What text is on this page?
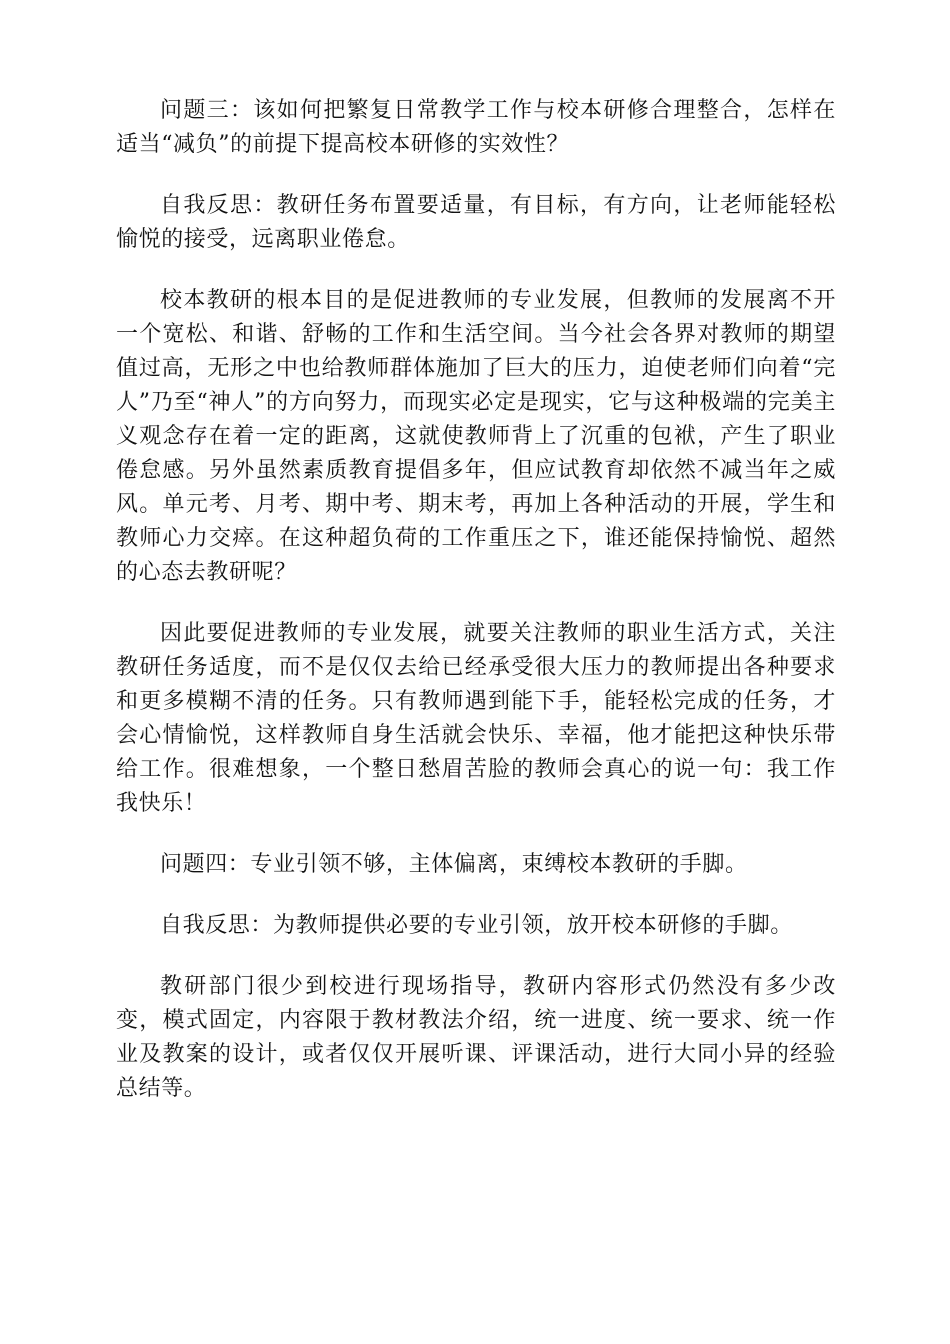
问题三：该如何把繁复日常教学工作与校本研修合理整合，怎样在适当“减负”的前提下提高校本研修的实效性？

自我反思：教研任务布置要适量，有目标，有方向，让老师能轻松愉悦的接受，远离职业倦怠。

校本教研的根本目的是促进教师的专业发展，但教师的发展离不开一个宽松、和谐、舒畅的工作和生活空间。当今社会各界对教师的期望值过高，无形之中也给教师群体施加了巨大的压力，迫使老师们向着“完人”乃至“神人”的方向努力，而现实必定是现实，它与这种极端的完美主义观念存在着一定的距离，这就使教师背上了沉重的包袱，产生了职业倦怠感。另外虽然素质教育提倡多年，但应试教育却依然不减当年之威风。单元考、月考、期中考、期末考，再加上各种活动的开展，学生和教师心力交瘁。在这种超负荷的工作重压之下，谁还能保持愉悦、超然的心态去教研呢？

因此要促进教师的专业发展，就要关注教师的职业生活方式，关注教研任务适度，而不是仅仅去给已经承受很大压力的教师提出各种要求和更多模糊不清的任务。只有教师遇到能下手，能轻松完成的任务，才会心情愉悦，这样教师自身生活就会快乐、幸福，他才能把这种快乐带给工作。很难想象，一个整日愁眉苦脸的教师会真心的说一句：我工作我快乐！

问题四：专业引领不够，主体偏离，束缚校本教研的手脚。

自我反思：为教师提供必要的专业引领，放开校本研修的手脚。

教研部门很少到校进行现场指导，教研内容形式仍然没有多少改变，模式固定，内容限于教材教法介绍，统一进度、统一要求、统一作业及教案的设计，或者仅仅开展听课、评课活动，进行大同小异的经验总结等。
